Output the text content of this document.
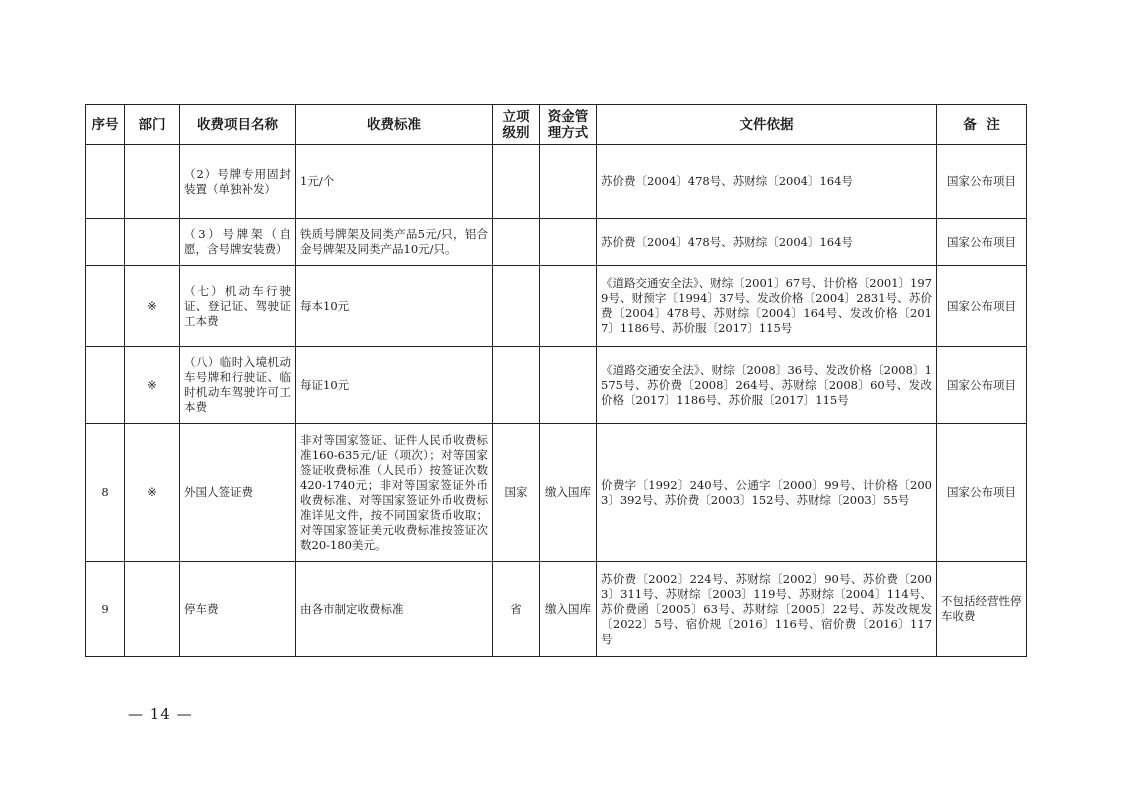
序号	部门	收费项目名称	收费标准	立项级别	资金管理方式	文件依据	备  注
		（2）号牌专用固封装置（单独补发）	1元/个			苏价费〔2004〕478号、苏财综〔2004〕164号	国家公布项目
		（3）号牌架（自愿，含号牌安装费）	铁质号牌架及同类产品5元/只，铝合金号牌架及同类产品10元/只。			苏价费〔2004〕478号、苏财综〔2004〕164号	国家公布项目
	※	（七）机动车行驶证、登记证、驾驶证工本费	每本10元			《道路交通安全法》、财综〔2001〕67号、计价格〔2001〕1979号、财预字〔1994〕37号、发改价格〔2004〕2831号、苏价费〔2004〕478号、苏财综〔2004〕164号、发改价格〔2017〕1186号、苏价服〔2017〕115号	国家公布项目
	※	（八）临时入境机动车号牌和行驶证、临时机动车驾驶许可工本费	每证10元			《道路交通安全法》、财综〔2008〕36号、发改价格〔2008〕1575号、苏价费〔2008〕264号、苏财综〔2008〕60号、发改价格〔2017〕1186号、苏价服〔2017〕115号	国家公布项目
8	※	外国人签证费	非对等国家签证、证件人民币收费标准160-635元/证（项次）；对等国家签证收费标准（人民币）按签证次数420-1740元；非对等国家签证外币收费标准、对等国家签证外币收费标准详见文件，按不同国家货币收取；对等国家签证美元收费标准按签证次数20-180美元。	国家	缴入国库	价费字〔1992〕240号、公通字〔2000〕99号、计价格〔2003〕392号、苏价费〔2003〕152号、苏财综〔2003〕55号	国家公布项目
9		停车费	由各市制定收费标准	省	缴入国库	苏价费〔2002〕224号、苏财综〔2002〕90号、苏价费〔2003〕311号、苏财综〔2003〕119号、苏财综〔2004〕114号、苏价费函〔2005〕63号、苏财综〔2005〕22号、苏发改规发〔2022〕5号、宿价规〔2016〕116号、宿价费〔2016〕117号	不包括经营性停车收费
— 14 —
